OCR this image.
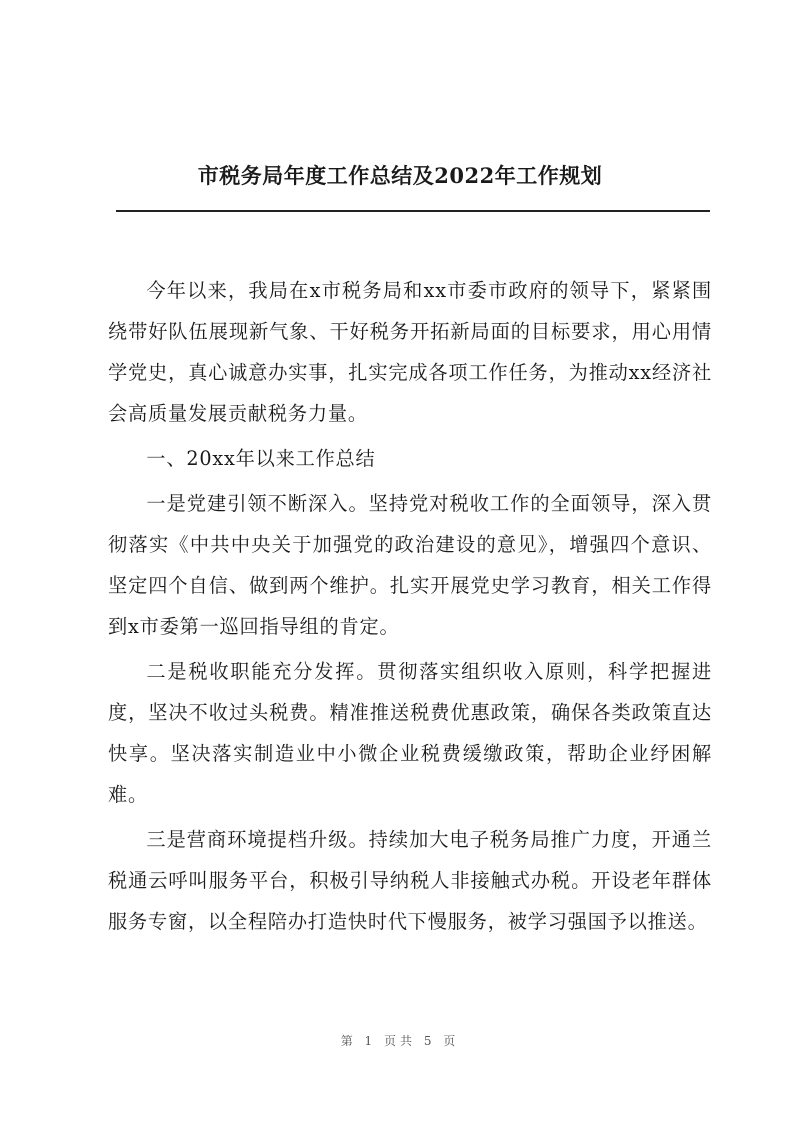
市税务局年度工作总结及2022年工作规划

今年以来，我局在x市税务局和xx市委市政府的领导下，紧紧围绕带好队伍展现新气象、干好税务开拓新局面的目标要求，用心用情学党史，真心诚意办实事，扎实完成各项工作任务，为推动xx经济社会高质量发展贡献税务力量。

一、20xx年以来工作总结

一是党建引领不断深入。坚持党对税收工作的全面领导，深入贯彻落实《中共中央关于加强党的政治建设的意见》，增强四个意识、坚定四个自信、做到两个维护。扎实开展党史学习教育，相关工作得到x市委第一巡回指导组的肯定。

二是税收职能充分发挥。贯彻落实组织收入原则，科学把握进度，坚决不收过头税费。精准推送税费优惠政策，确保各类政策直达快享。坚决落实制造业中小微企业税费缓缴政策，帮助企业纾困解难。

三是营商环境提档升级。持续加大电子税务局推广力度，开通兰税通云呼叫服务平台，积极引导纳税人非接触式办税。开设老年群体服务专窗，以全程陪办打造快时代下慢服务，被学习强国予以推送。

第 1 页共 5 页
